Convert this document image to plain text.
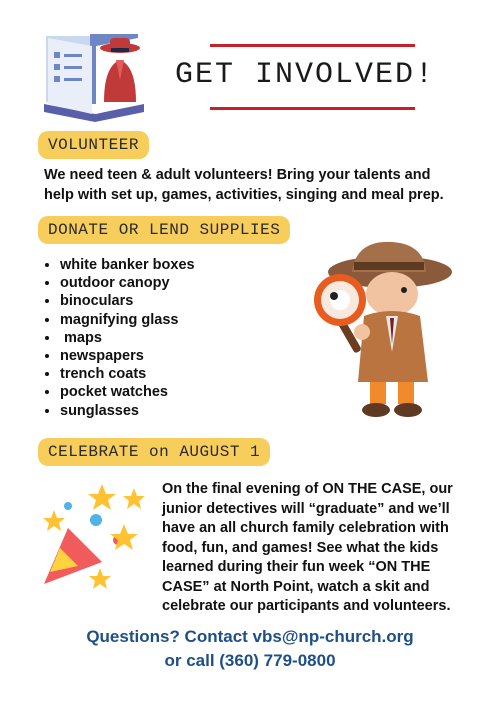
GET INVOLVED!
VOLUNTEER
We need teen & adult volunteers! Bring your talents and help with set up, games, activities, singing and meal prep.
DONATE OR LEND SUPPLIES
• white banker boxes
• outdoor canopy
• binoculars
• magnifying glass
•  maps
• newspapers
• trench coats
• pocket watches
• sunglasses
CELEBRATE on AUGUST 1
On the final evening of ON THE CASE, our junior detectives will “graduate” and we’ll have an all church family celebration with food, fun, and games! See what the kids learned during their fun week “ON THE CASE” at North Point, watch a skit and celebrate our participants and volunteers.
Questions? Contact vbs@np-church.org
or call (360) 779-0800
